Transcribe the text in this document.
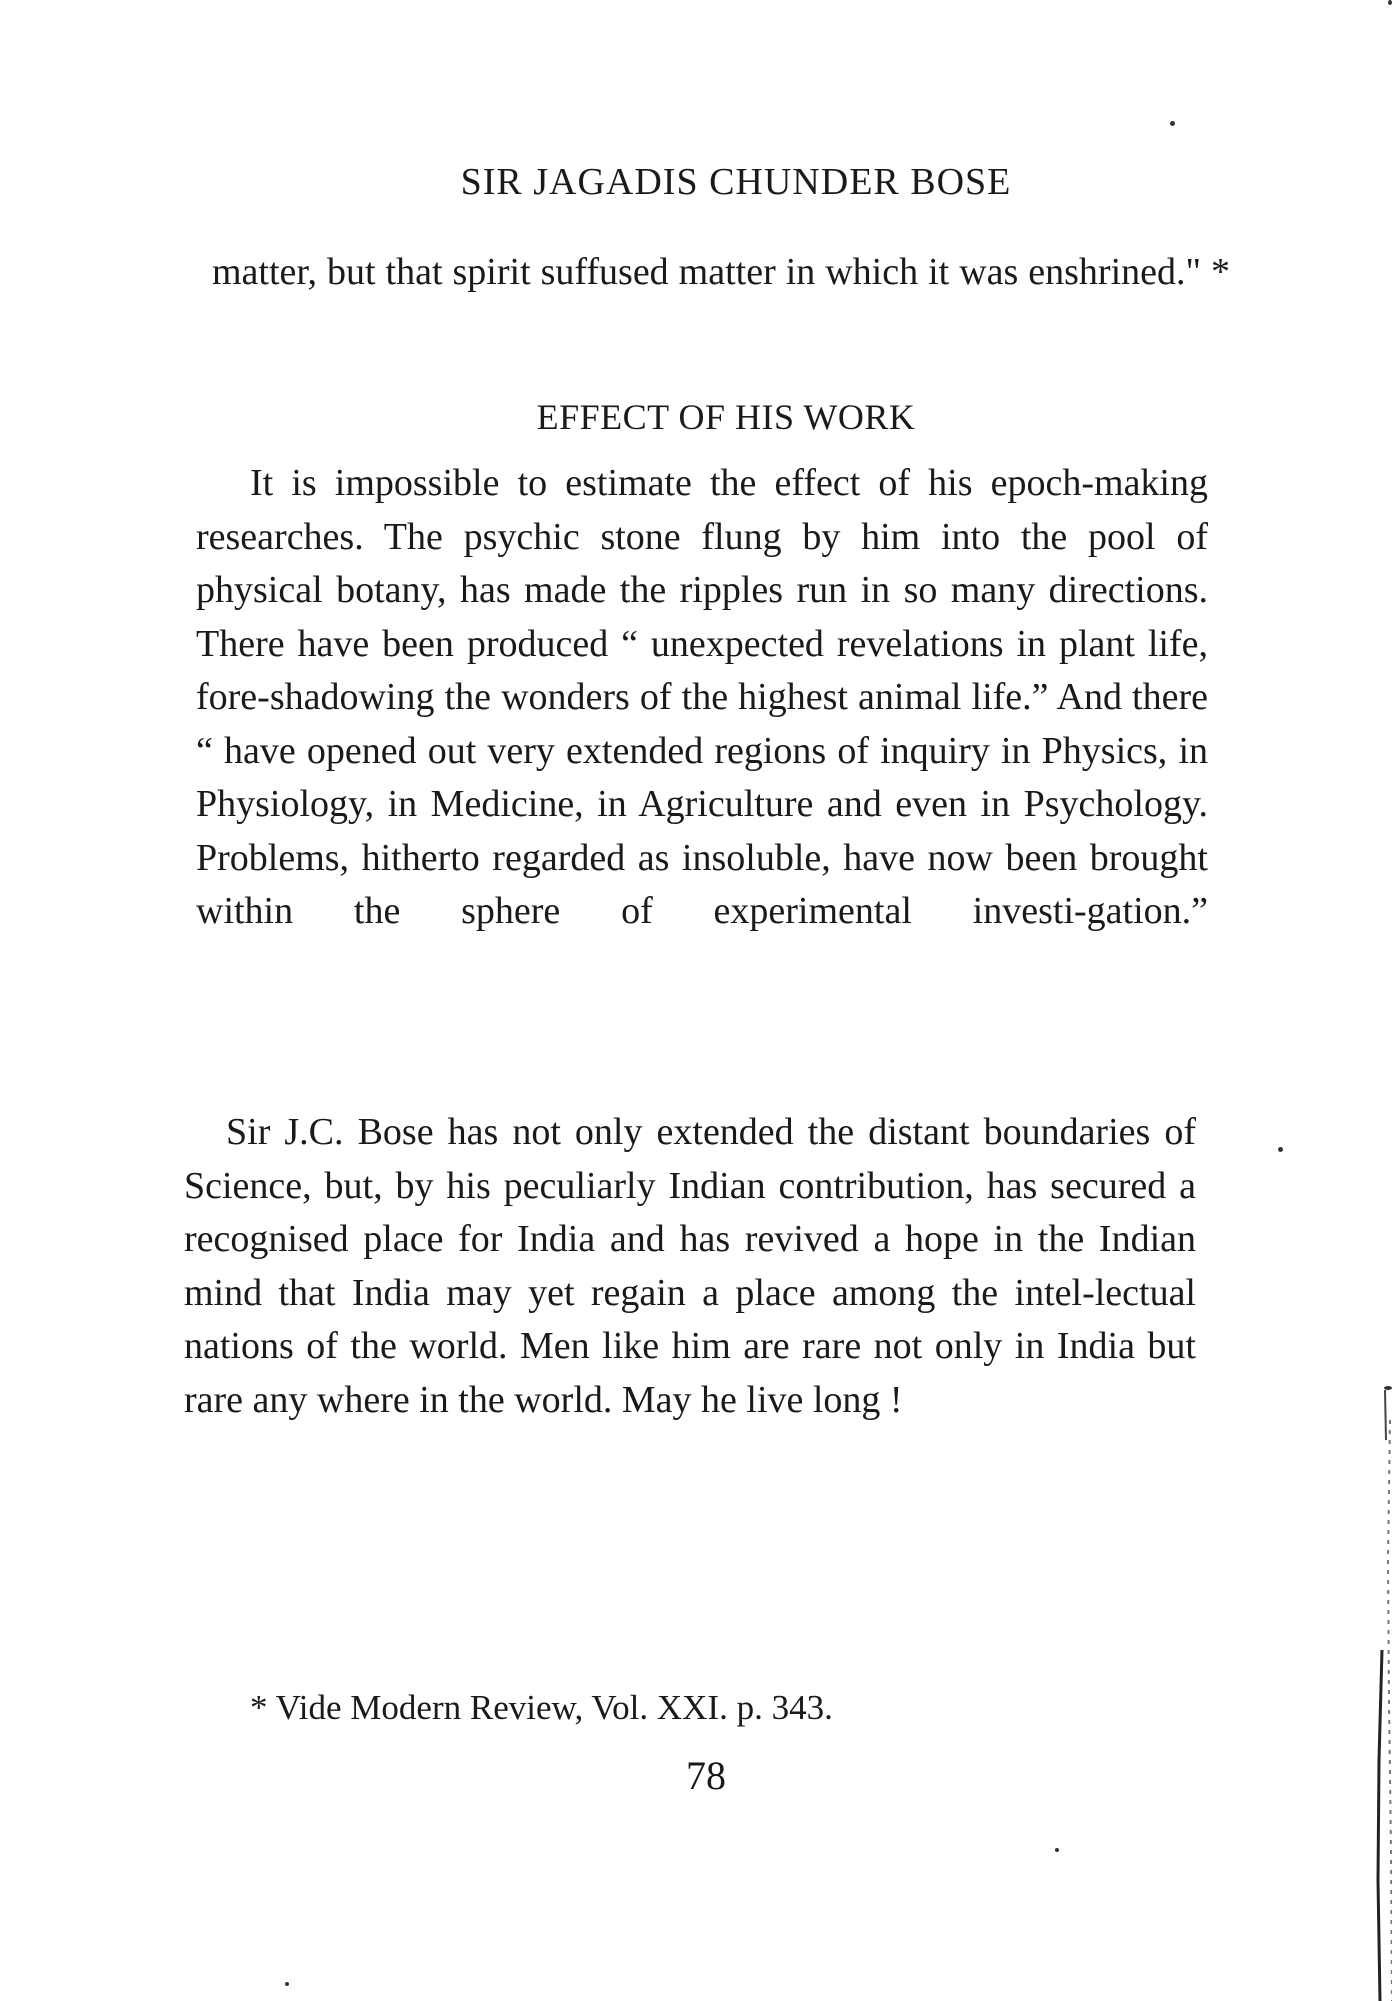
SIR JAGADIS CHUNDER BOSE

matter, but that spirit suffused matter in which it was enshrined." *

EFFECT OF HIS WORK

It is impossible to estimate the effect of his epoch-making researches. The psychic stone flung by him into the pool of physical botany, has made the ripples run in so many directions. There have been produced “ unexpected revelations in plant life, fore-shadowing the wonders of the highest animal life.” And there “ have opened out very extended regions of inquiry in Physics, in Physiology, in Medicine, in Agriculture and even in Psychology. Problems, hitherto regarded as insoluble, have now been brought within the sphere of experimental investi-gation.”

Sir J.C. Bose has not only extended the distant boundaries of Science, but, by his peculiarly Indian contribution, has secured a recognised place for India and has revived a hope in the Indian mind that India may yet regain a place among the intel-lectual nations of the world. Men like him are rare not only in India but rare any where in the world. May he live long !

* Vide Modern Review, Vol. XXI. p. 343.
78
